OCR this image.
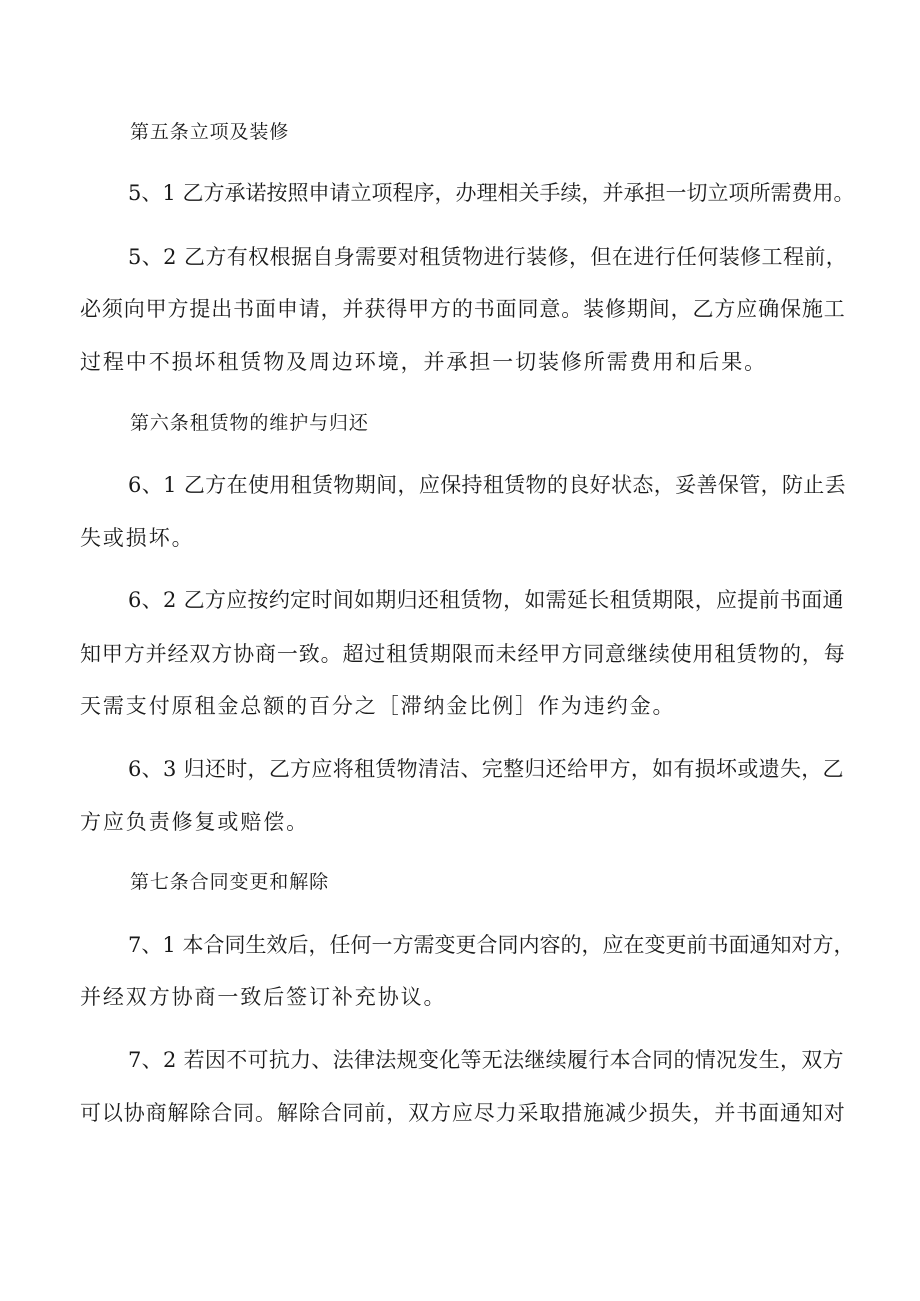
第五条立项及装修
5 、 1
乙 方 承 诺 按 照 申 请 立 项 程 序 ， 办 理 相 关 手 续 ， 并 承 担 一 切 立 项 所 需 费 用 。
5 、 2
乙 方 有 权 根 据 自 身 需 要 对 租 赁 物 进 行 装 修 ， 但 在 进 行 任 何 装 修 工 程 前 ，
必 须 向 甲 方 提 出 书 面 申 请 ， 并 获 得 甲 方 的 书 面 同 意 。 装 修 期 间 ， 乙 方 应 确 保 施 工
过程中不损坏租赁物及周边环境，并承担一切装修所需费用和后果。
第六条租赁物的维护与归还
6 、 1
乙 方 在 使 用 租 赁 物 期 间 ， 应 保 持 租 赁 物 的 良 好 状 态 ， 妥 善 保 管 ， 防 止 丢
失或损坏。
6 、 2
乙 方 应 按 约 定 时 间 如 期 归 还 租 赁 物 ， 如 需 延 长 租 赁 期 限 ， 应 提 前 书 面 通
知 甲 方 并 经 双 方 协 商 一 致 。 超 过 租 赁 期 限 而 未 经 甲 方 同 意 继 续 使 用 租 赁 物 的 ， 每
天需支付原租金总额的百分之［滞纳金比例］作为违约金。
6 、 3
归 还 时 ， 乙 方 应 将 租 赁 物 清 洁 、 完 整 归 还 给 甲 方 ， 如 有 损 坏 或 遗 失 ， 乙
方应负责修复或赔偿。
第七条合同变更和解除
7 、 1
本 合 同 生 效 后 ， 任 何 一 方 需 变 更 合 同 内 容 的 ， 应 在 变 更 前 书 面 通 知 对 方 ，
并经双方协商一致后签订补充协议。
7 、 2
若 因 不 可 抗 力 、 法 律 法 规 变 化 等 无 法 继 续 履 行 本 合 同 的 情 况 发 生 ， 双 方
可 以 协 商 解 除 合 同 。 解 除 合 同 前 ， 双 方 应 尽 力 采 取 措 施 减 少 损 失 ， 并 书 面 通 知 对
